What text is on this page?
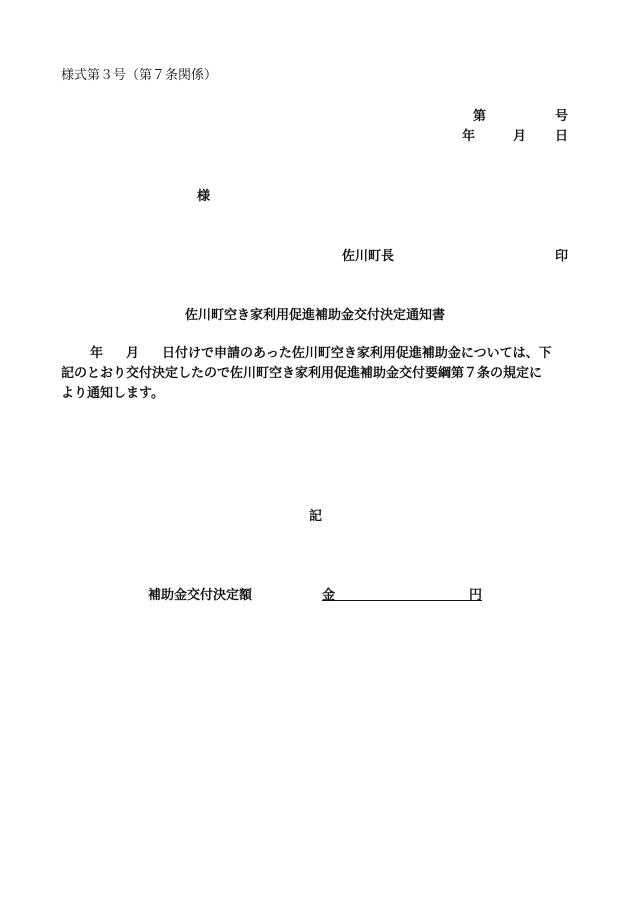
様式第３号（第７条関係）
第	号
年	月 日
様
佐川町長	印
佐川町空き家利用促進補助金交付決定通知書
年 月 日付けで申請のあった佐川町空き家利用促進補助金については、下
記のとおり交付決定したので佐川町空き家利用促進補助金交付要綱第７条の規定に
より通知します。
記
補助金交付決定額	金	円
